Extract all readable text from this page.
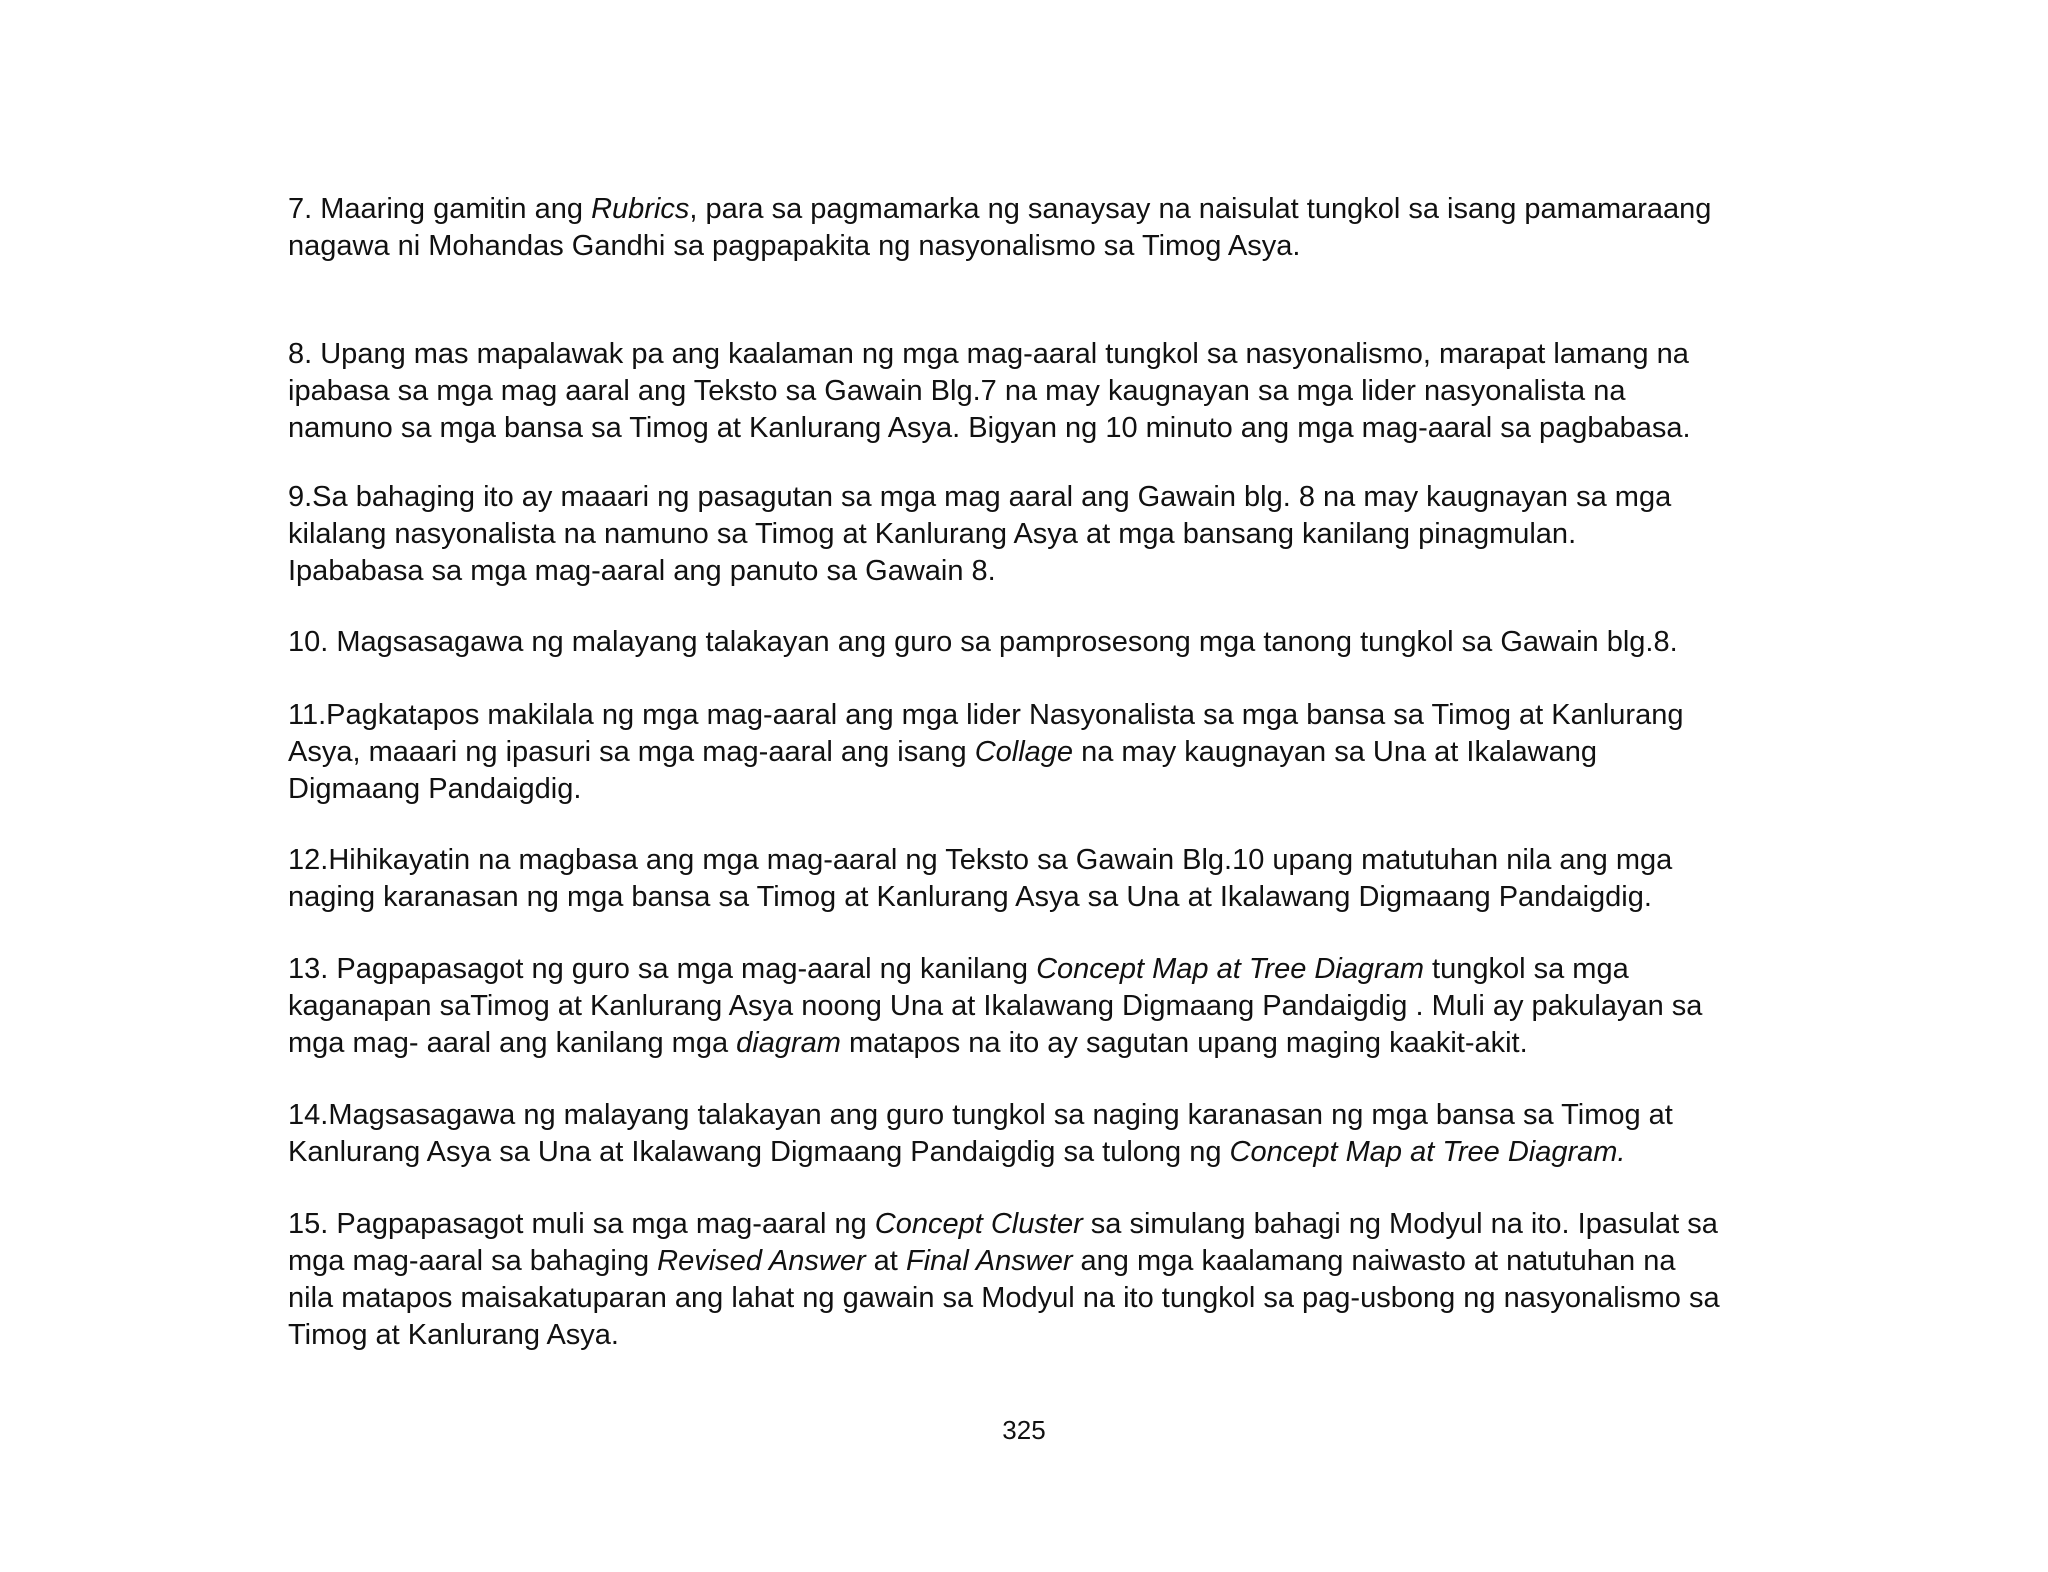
7. Maaring gamitin ang Rubrics, para sa pagmamarka ng sanaysay na naisulat tungkol sa isang pamamaraang
nagawa ni Mohandas Gandhi sa pagpapakita ng nasyonalismo sa Timog Asya.

8. Upang mas mapalawak pa ang kaalaman ng mga mag-aaral tungkol sa nasyonalismo, marapat lamang na
ipabasa sa mga mag aaral ang Teksto sa Gawain Blg.7 na may kaugnayan sa mga lider nasyonalista na
namuno sa mga bansa sa Timog at Kanlurang Asya. Bigyan ng 10 minuto ang mga mag-aaral sa pagbabasa.

9.Sa bahaging ito ay maaari ng pasagutan sa mga mag aaral ang Gawain blg. 8 na may kaugnayan sa mga
kilalang nasyonalista na namuno sa Timog at Kanlurang Asya at mga bansang kanilang pinagmulan.
Ipababasa sa mga mag-aaral ang panuto sa Gawain 8.

10. Magsasagawa ng malayang talakayan ang guro sa pamprosesong mga tanong tungkol sa Gawain blg.8.

11.Pagkatapos makilala ng mga mag-aaral ang mga lider Nasyonalista sa mga bansa sa Timog at Kanlurang
Asya, maaari ng ipasuri sa mga mag-aaral ang isang Collage na may kaugnayan sa Una at Ikalawang
Digmaang Pandaigdig.

12.Hihikayatin na magbasa ang mga mag-aaral ng Teksto sa Gawain Blg.10 upang matutuhan nila ang mga
naging karanasan ng mga bansa sa Timog at Kanlurang Asya sa Una at Ikalawang Digmaang Pandaigdig.

13. Pagpapasagot ng guro sa mga mag-aaral ng kanilang Concept Map at Tree Diagram tungkol sa mga
kaganapan saTimog at Kanlurang Asya noong Una at Ikalawang Digmaang Pandaigdig . Muli ay pakulayan sa
mga mag- aaral ang kanilang mga diagram matapos na ito ay sagutan upang maging kaakit-akit.

14.Magsasagawa ng malayang talakayan ang guro tungkol sa naging karanasan ng mga bansa sa Timog at
Kanlurang Asya sa Una at Ikalawang Digmaang Pandaigdig sa tulong ng Concept Map at Tree Diagram.

15. Pagpapasagot muli sa mga mag-aaral ng Concept Cluster sa simulang bahagi ng Modyul na ito. Ipasulat sa
mga mag-aaral sa bahaging Revised Answer at Final Answer ang mga kaalamang naiwasto at natutuhan na
nila matapos maisakatuparan ang lahat ng gawain sa Modyul na ito tungkol sa pag-usbong ng nasyonalismo sa
Timog at Kanlurang Asya.

325
